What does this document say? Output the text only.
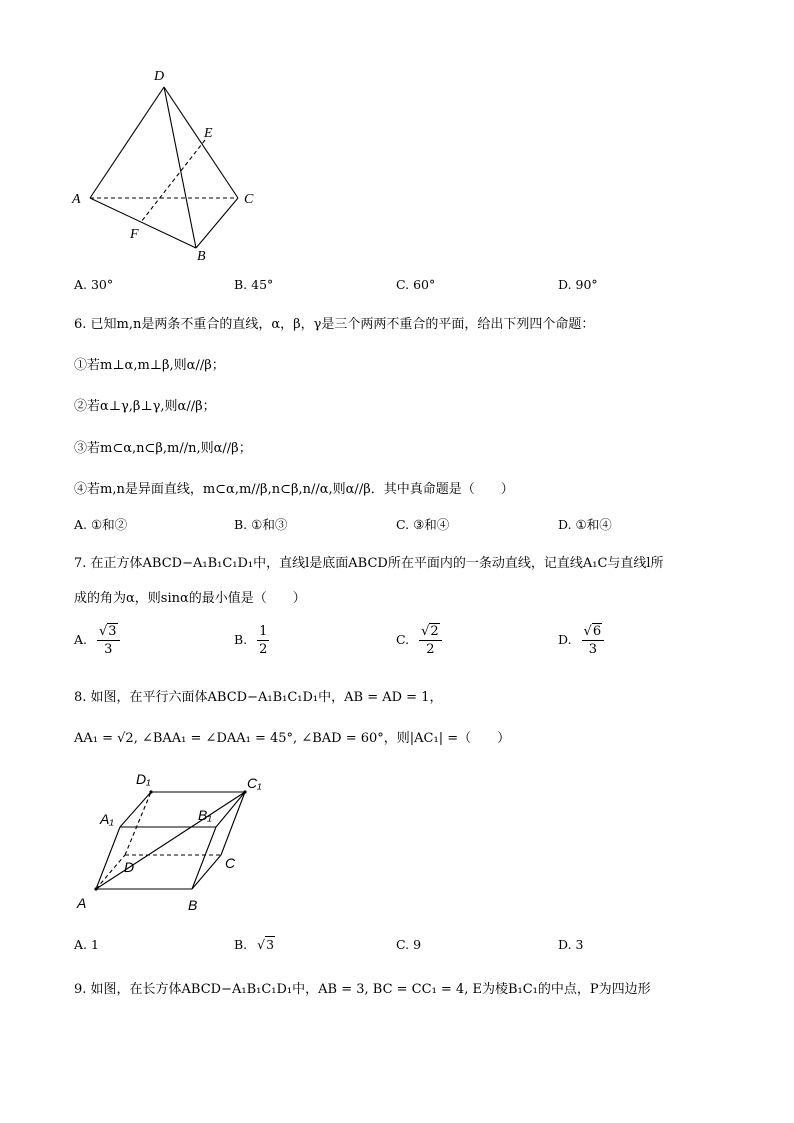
D
E
A	C
F
B
A. 30°	B. 45°	C. 60°	D. 90°
6. 已知m,n是两条不重合的直线，α，β，γ是三个两两不重合的平面，给出下列四个命题：
①若m⊥α,m⊥β,则α//β；
②若α⊥γ,β⊥γ,则α//β；
③若m⊂α,n⊂β,m//n,则α//β；
④若m,n是异面直线，m⊂α,m//β,n⊂β,n//α,则α//β．其中真命题是（　　）
A. ①和②	B. ①和③	C. ③和④	D. ①和④
7. 在正方体ABCD−A₁B₁C₁D₁中，直线l是底面ABCD所在平面内的一条动直线，记直线A₁C与直线l所
成的角为α，则sinα的最小值是（　　）
A. $\frac{√3}{3}$	B. $\frac{1}{2}$	C. $\frac{√2}{2}$	D. $\frac{√6}{3}$
8. 如图，在平行六面体ABCD−A₁B₁C₁D₁中，AB = AD = 1，
AA₁ = √2, ∠BAA₁ = ∠DAA₁ = 45°, ∠BAD = 60°，则|AC₁| =（　　）
D₁	C₁
A₁	B₁
D	C
A	B
A. 1	B. √3	C. 9	D. 3
9. 如图，在长方体ABCD−A₁B₁C₁D₁中，AB = 3, BC = CC₁ = 4, E为棱B₁C₁的中点，P为四边形
